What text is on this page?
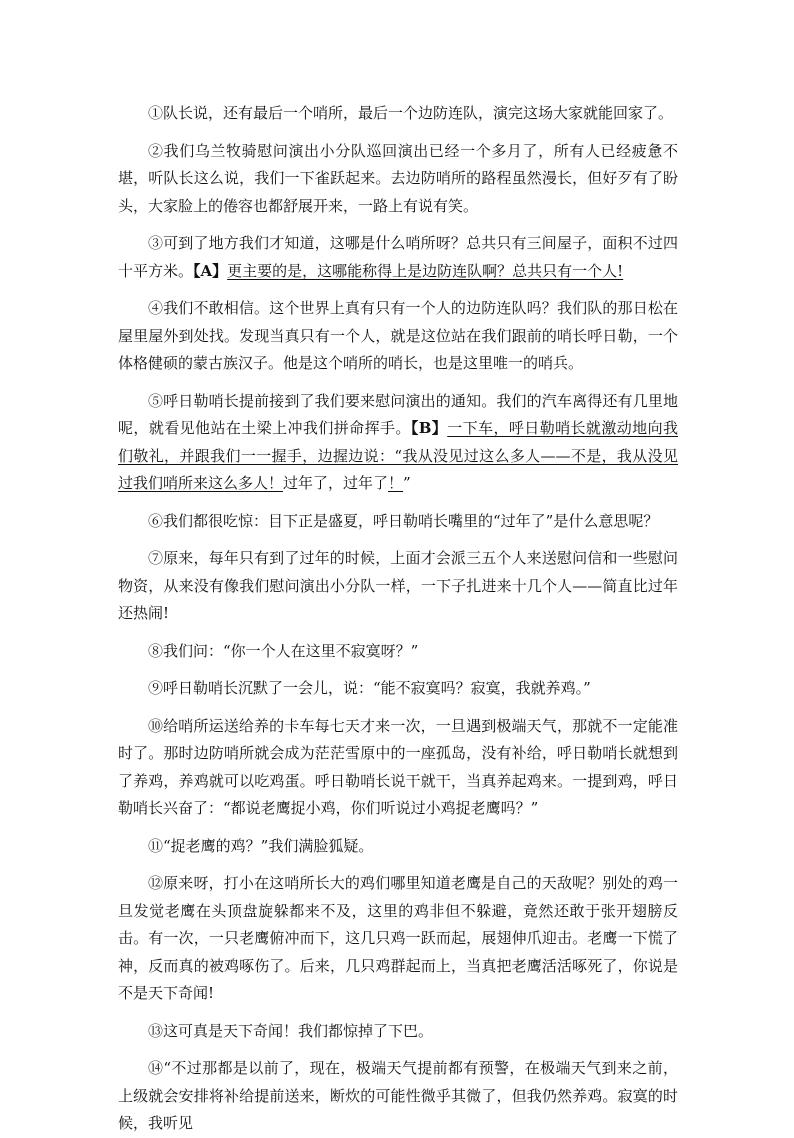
①队长说，还有最后一个哨所，最后一个边防连队，演完这场大家就能回家了。

②我们乌兰牧骑慰问演出小分队巡回演出已经一个多月了，所有人已经疲惫不堪，听队长这么说，我们一下雀跃起来。去边防哨所的路程虽然漫长，但好歹有了盼头，大家脸上的倦容也都舒展开来，一路上有说有笑。

③可到了地方我们才知道，这哪是什么哨所呀？总共只有三间屋子，面积不过四十平方米。【A】更主要的是，这哪能称得上是边防连队啊？总共只有一个人!

④我们不敢相信。这个世界上真有只有一个人的边防连队吗？我们队的那日松在屋里屋外到处找。发现当真只有一个人，就是这位站在我们跟前的哨长呼日勒，一个体格健硕的蒙古族汉子。他是这个哨所的哨长，也是这里唯一的哨兵。

⑤呼日勒哨长提前接到了我们要来慰问演出的通知。我们的汽车离得还有几里地呢，就看见他站在土梁上冲我们拼命挥手。【B】一下车，呼日勒哨长就激动地向我们敬礼，并跟我们一一握手，边握边说：“我从没见过这么多人——不是，我从没见过我们哨所来这么多人！过年了，过年了！”

⑥我们都很吃惊：目下正是盛夏，呼日勒哨长嘴里的“过年了”是什么意思呢？

⑦原来，每年只有到了过年的时候，上面才会派三五个人来送慰问信和一些慰问物资，从来没有像我们慰问演出小分队一样，一下子扎进来十几个人——简直比过年还热闹!

⑧我们问：“你一个人在这里不寂寞呀？”

⑨呼日勒哨长沉默了一会儿，说：“能不寂寞吗？寂寞，我就养鸡。”

⑩给哨所运送给养的卡车每七天才来一次，一旦遇到极端天气，那就不一定能准时了。那时边防哨所就会成为茫茫雪原中的一座孤岛，没有补给，呼日勒哨长就想到了养鸡，养鸡就可以吃鸡蛋。呼日勒哨长说干就干，当真养起鸡来。一提到鸡，呼日勒哨长兴奋了：“都说老鹰捉小鸡，你们听说过小鸡捉老鹰吗？”

⑪“捉老鹰的鸡？”我们满脸狐疑。

⑫原来呀，打小在这哨所长大的鸡们哪里知道老鹰是自己的天敌呢？别处的鸡一旦发觉老鹰在头顶盘旋躲都来不及，这里的鸡非但不躲避，竟然还敢于张开翅膀反击。有一次，一只老鹰俯冲而下，这几只鸡一跃而起，展翅伸爪迎击。老鹰一下慌了神，反而真的被鸡啄伤了。后来，几只鸡群起而上，当真把老鹰活活啄死了，你说是不是天下奇闻!

⑬这可真是天下奇闻！我们都惊掉了下巴。

⑭“不过那都是以前了，现在，极端天气提前都有预警，在极端天气到来之前，上级就会安排将补给提前送来，断炊的可能性微乎其微了，但我仍然养鸡。寂寞的时候，我听见
